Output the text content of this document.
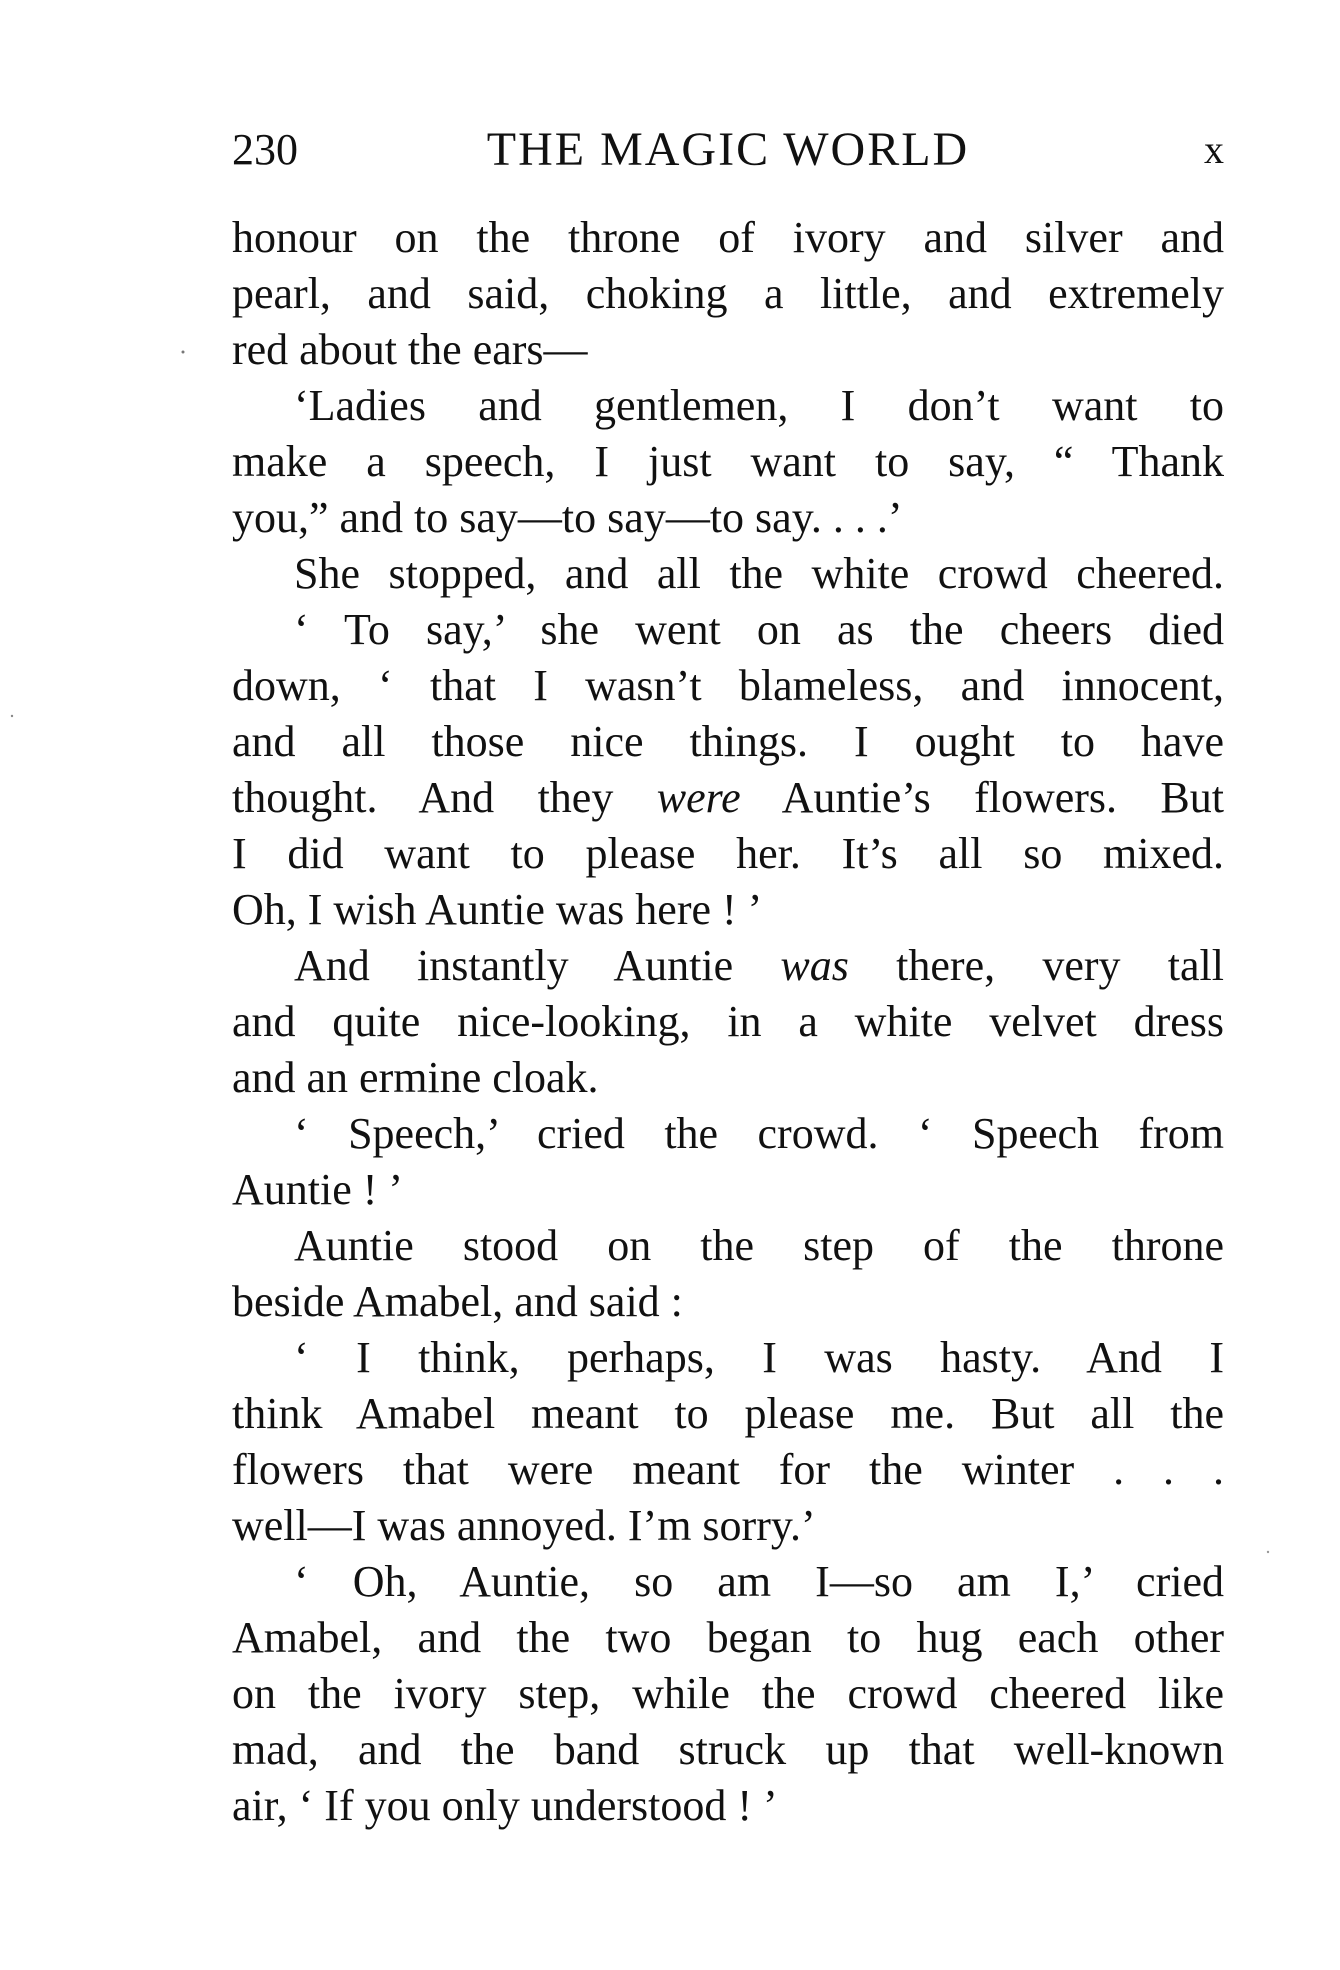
230	THE MAGIC WORLD	x
honour on the throne of ivory and silver and
pearl, and said, choking a little, and extremely
red about the ears—
‘Ladies and gentlemen, I don’t want to
make a speech, I just want to say, “ Thank
you,” and to say—to say—to say. . . .’
She stopped, and all the white crowd cheered.
‘ To say,’ she went on as the cheers died
down, ‘ that I wasn’t blameless, and innocent,
and all those nice things. I ought to have
thought. And they were Auntie’s flowers. But
I did want to please her. It’s all so mixed.
Oh, I wish Auntie was here ! ’
And instantly Auntie was there, very tall
and quite nice-looking, in a white velvet dress
and an ermine cloak.
‘ Speech,’ cried the crowd. ‘ Speech from
Auntie ! ’
Auntie stood on the step of the throne
beside Amabel, and said :
‘ I think, perhaps, I was hasty. And I
think Amabel meant to please me. But all the
flowers that were meant for the winter . . .
well—I was annoyed. I’m sorry.’
‘ Oh, Auntie, so am I—so am I,’ cried
Amabel, and the two began to hug each other
on the ivory step, while the crowd cheered like
mad, and the band struck up that well-known
air, ‘ If you only understood ! ’
